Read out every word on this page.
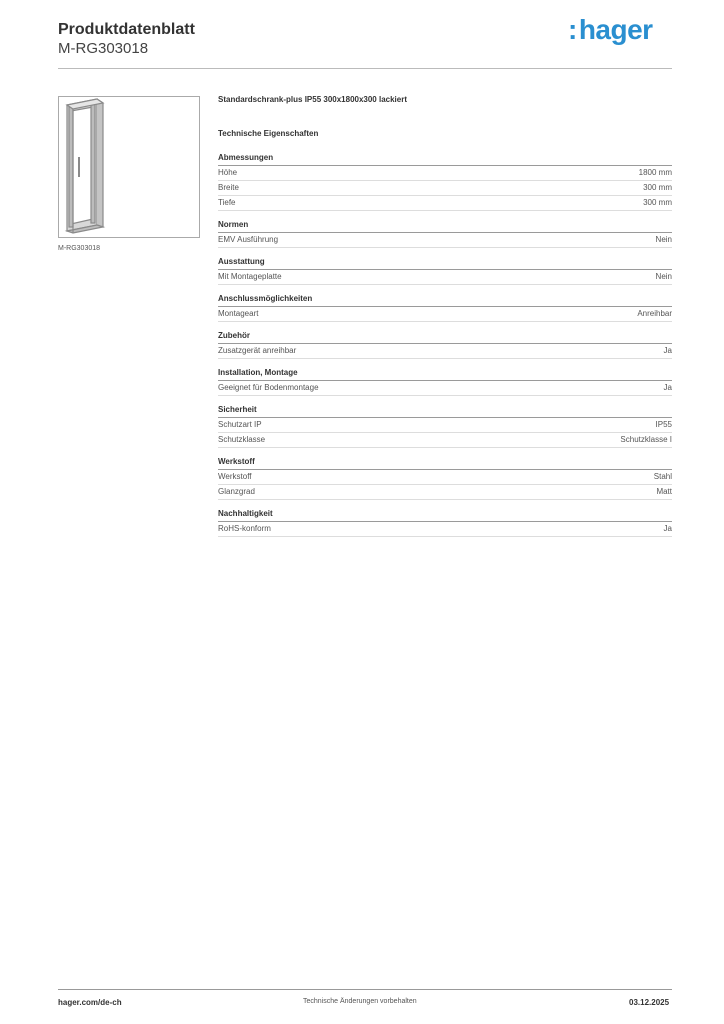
Produktdatenblatt
M-RG303018
:hager
M-RG303018
Standardschrank-plus IP55 300x1800x300 lackiert
Technische Eigenschaften
Abmessungen
Höhe	1800 mm
Breite	300 mm
Tiefe	300 mm
Normen
EMV Ausführung	Nein
Ausstattung
Mit Montageplatte	Nein
Anschlussmöglichkeiten
Montageart	Anreihbar
Zubehör
Zusatzgerät anreihbar	Ja
Installation, Montage
Geeignet für Bodenmontage	Ja
Sicherheit
Schutzart IP	IP55
Schutzklasse	Schutzklasse I
Werkstoff
Werkstoff	Stahl
Glanzgrad	Matt
Nachhaltigkeit
RoHS-konform	Ja
hager.com/de-ch	Technische Änderungen vorbehalten	03.12.2025
